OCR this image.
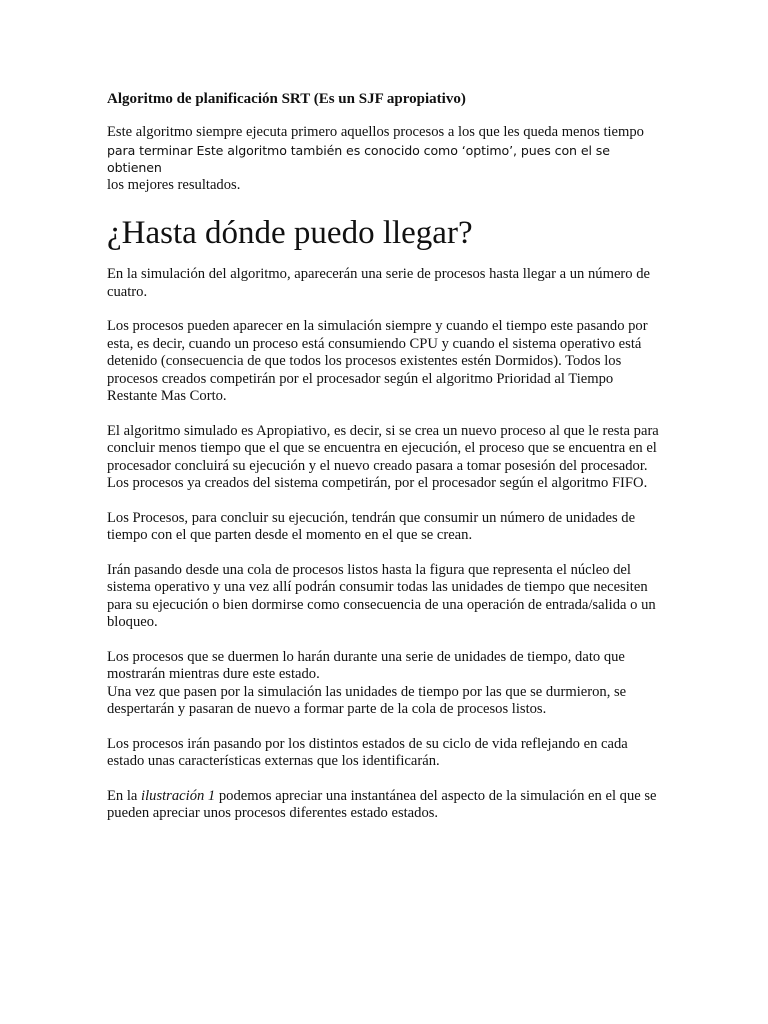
Algoritmo de planificación SRT (Es un SJF apropiativo)

Este algoritmo siempre ejecuta primero aquellos procesos a los que les queda menos tiempo
para terminar Este algoritmo también es conocido como ‘optimo’, pues con el se obtienen
los mejores resultados.

¿Hasta dónde puedo llegar?

En la simulación del algoritmo, aparecerán una serie de procesos hasta llegar a un número de cuatro.

Los procesos pueden aparecer en la simulación siempre y cuando el tiempo este pasando por esta, es decir, cuando un proceso está consumiendo CPU y cuando el sistema operativo está detenido (consecuencia de que todos los procesos existentes estén Dormidos). Todos los procesos creados competirán por el procesador según el algoritmo Prioridad al Tiempo Restante Mas Corto.

El algoritmo simulado es Apropiativo, es decir, si se crea un nuevo proceso al que le resta para concluir menos tiempo que el que se encuentra en ejecución, el proceso que se encuentra en el procesador concluirá su ejecución y el nuevo creado pasara a tomar posesión del procesador.
Los procesos ya creados del sistema competirán, por el procesador según el algoritmo FIFO.

Los Procesos, para concluir su ejecución, tendrán que consumir un número de unidades de tiempo con el que parten desde el momento en el que se crean.

Irán pasando desde una cola de procesos listos hasta la figura que representa el núcleo del sistema operativo y una vez allí podrán consumir todas las unidades de tiempo que necesiten para su ejecución o bien dormirse como consecuencia de una operación de entrada/salida o un bloqueo.

Los procesos que se duermen lo harán durante una serie de unidades de tiempo, dato que mostrarán mientras dure este estado.
Una vez que pasen por la simulación las unidades de tiempo por las que se durmieron, se despertarán y pasaran de nuevo a formar parte de la cola de procesos listos.

Los procesos irán pasando por los distintos estados de su ciclo de vida reflejando en cada estado unas características externas que los identificarán.

En la ilustración 1 podemos apreciar una instantánea del aspecto de la simulación en el que se pueden apreciar unos procesos diferentes estado estados.
